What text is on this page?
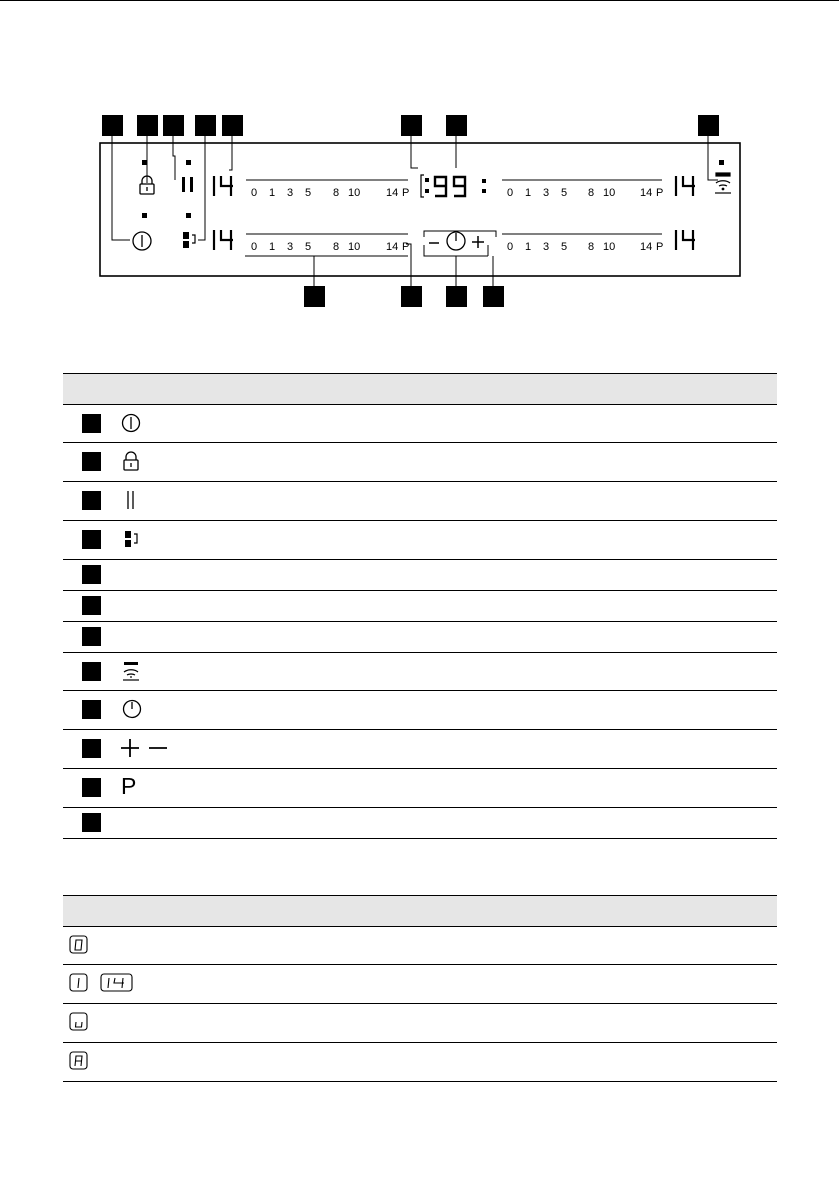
0 1 3 5 8 10 14 P
0 1 3 5 8 10 14 P
0 1 3 5 8 10 14 P
0 1 3 5 8 10 14 P
P
